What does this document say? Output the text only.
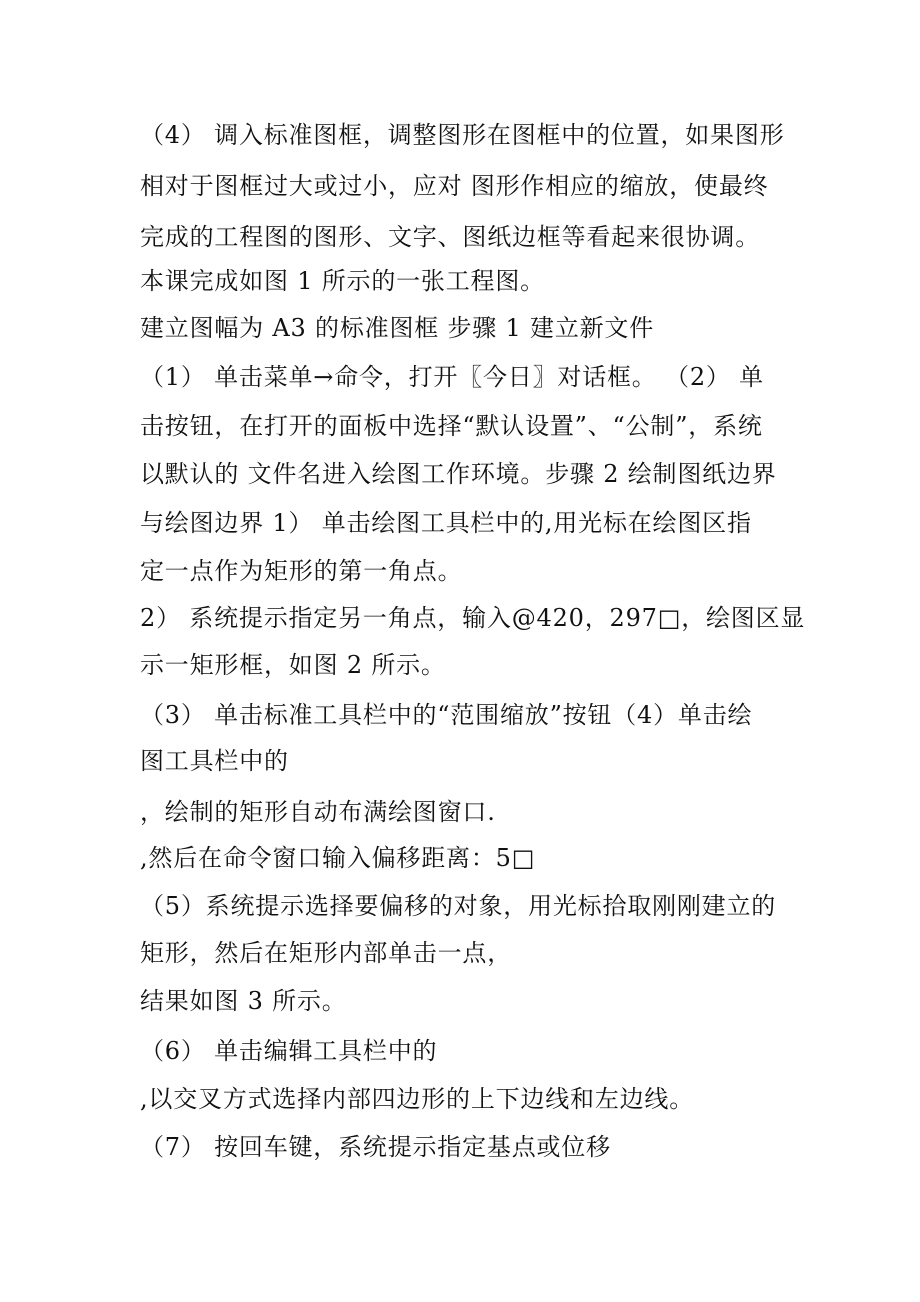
（4） 调入标准图框，调整图形在图框中的位置，如果图形
相对于图框过大或过小，应对 图形作相应的缩放，使最终
完成的工程图的图形、文字、图纸边框等看起来很协调。
本课完成如图 1 所示的一张工程图。
建立图幅为 A3 的标准图框 步骤 1 建立新文件
（1） 单击菜单→命令，打开〖今日〗对话框。 （2） 单
击按钮，在打开的面板中选择“默认设置”、“公制”，系统
以默认的 文件名进入绘图工作环境。步骤 2 绘制图纸边界
与绘图边界 1） 单击绘图工具栏中的,用光标在绘图区指
定一点作为矩形的第一角点。
2） 系统提示指定另一角点，输入@420，297□，绘图区显
示一矩形框，如图 2 所示。
（3） 单击标准工具栏中的“范围缩放”按钮（4）单击绘
图工具栏中的
，绘制的矩形自动布满绘图窗口.
,然后在命令窗口输入偏移距离：5□
（5）系统提示选择要偏移的对象，用光标拾取刚刚建立的
矩形，然后在矩形内部单击一点，
结果如图 3 所示。
（6） 单击编辑工具栏中的
,以交叉方式选择内部四边形的上下边线和左边线。
（7） 按回车键，系统提示指定基点或位移
